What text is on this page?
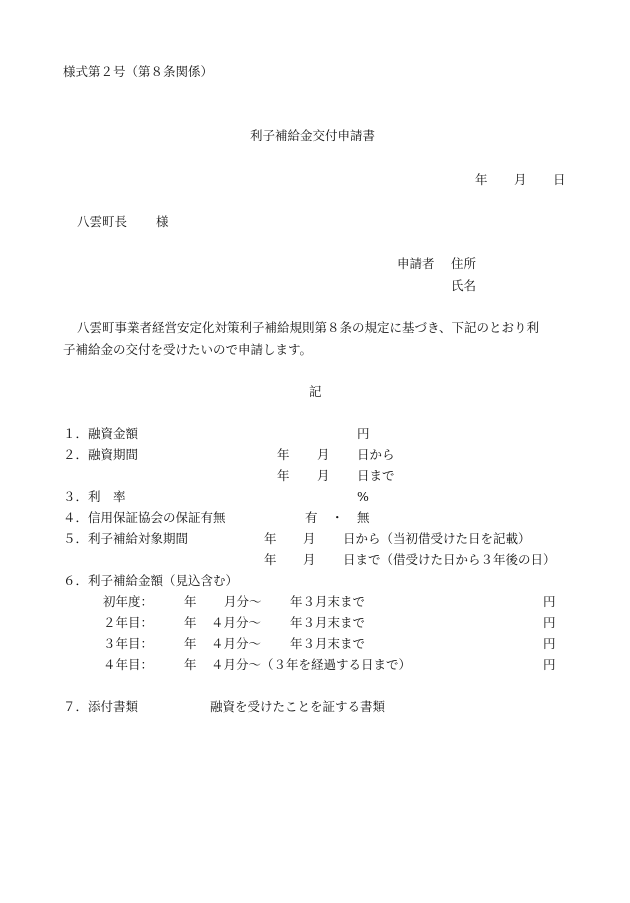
様式第２号（第８条関係）
利子補給金交付申請書
年 月 日
八雲町長 様
申請者 住所
氏名
八雲町事業者経営安定化対策利子補給規則第８条の規定に基づき、下記のとおり利
子補給金の交付を受けたいので申請します。
記
１．融資金額	円
２．融資期間	年 月 日から
年 月 日まで
３．利　率	%
４．信用保証協会の保証有無	有 ・ 無
５．利子補給対象期間	年 月 日から（当初借受けた日を記載）
年 月 日まで（借受けた日から３年後の日）
６．利子補給金額（見込含む）
初年度： 年 月分～ 年３月末まで	円
２年目： 年 ４月分～ 年３月末まで	円
３年目： 年 ４月分～ 年３月末まで	円
４年目： 年 ４月分～（３年を経過する日まで）	円
７．添付書類	融資を受けたことを証する書類
